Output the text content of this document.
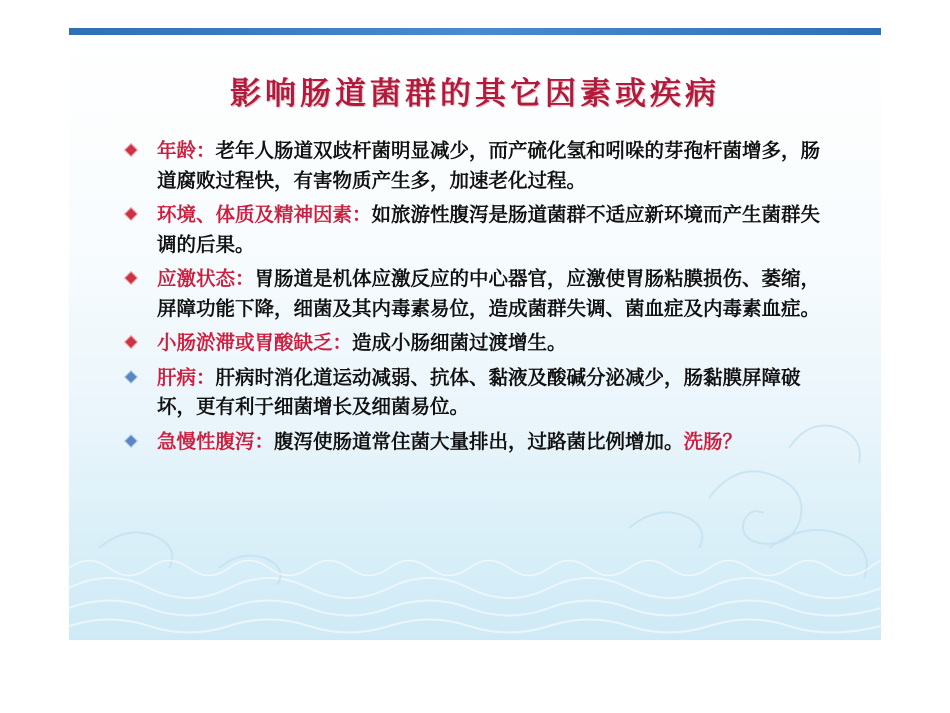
影响肠道菌群的其它因素或疾病
年龄：老年人肠道双歧杆菌明显减少，而产硫化氢和吲哚的芽孢杆菌增多，肠道腐败过程快，有害物质产生多，加速老化过程。
环境、体质及精神因素：如旅游性腹泻是肠道菌群不适应新环境而产生菌群失调的后果。
应激状态：胃肠道是机体应激反应的中心器官，应激使胃肠粘膜损伤、萎缩，屏障功能下降，细菌及其内毒素易位，造成菌群失调、菌血症及内毒素血症。
小肠淤滞或胃酸缺乏：造成小肠细菌过渡增生。
肝病：肝病时消化道运动减弱、抗体、黏液及酸碱分泌减少，肠黏膜屏障破坏，更有利于细菌增长及细菌易位。
急慢性腹泻：腹泻使肠道常住菌大量排出，过路菌比例增加。洗肠？
